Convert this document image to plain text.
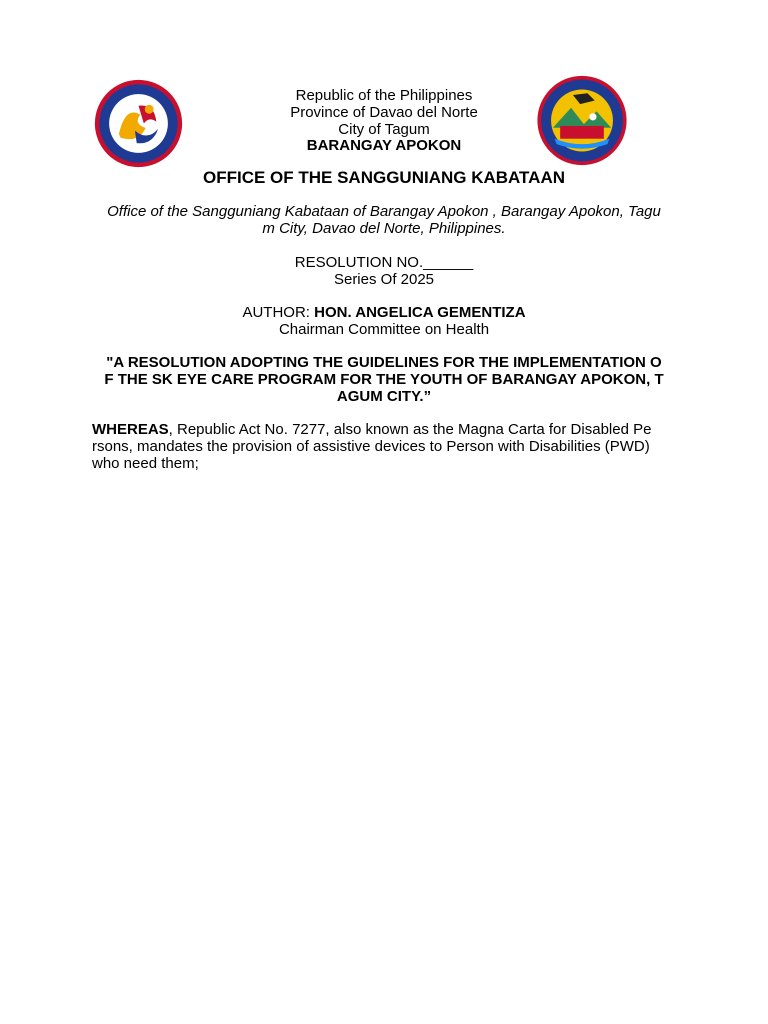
Republic of the Philippines
Province of Davao del Norte
City of Tagum
BARANGAY APOKON
OFFICE OF THE SANGGUNIANG KABATAAN
Office of the Sangguniang Kabataan of Barangay Apokon , Barangay Apokon, Tagu
m City, Davao del Norte, Philippines.
RESOLUTION NO.______
Series Of 2025
AUTHOR: HON. ANGELICA GEMENTIZA
Chairman Committee on Health
"A RESOLUTION ADOPTING THE GUIDELINES FOR THE IMPLEMENTATION O
F THE SK EYE CARE PROGRAM FOR THE YOUTH OF BARANGAY APOKON, T
AGUM CITY.”
WHEREAS, Republic Act No. 7277, also known as the Magna Carta for Disabled Pe
rsons, mandates the provision of assistive devices to Person with Disabilities (PWD)
who need them;
